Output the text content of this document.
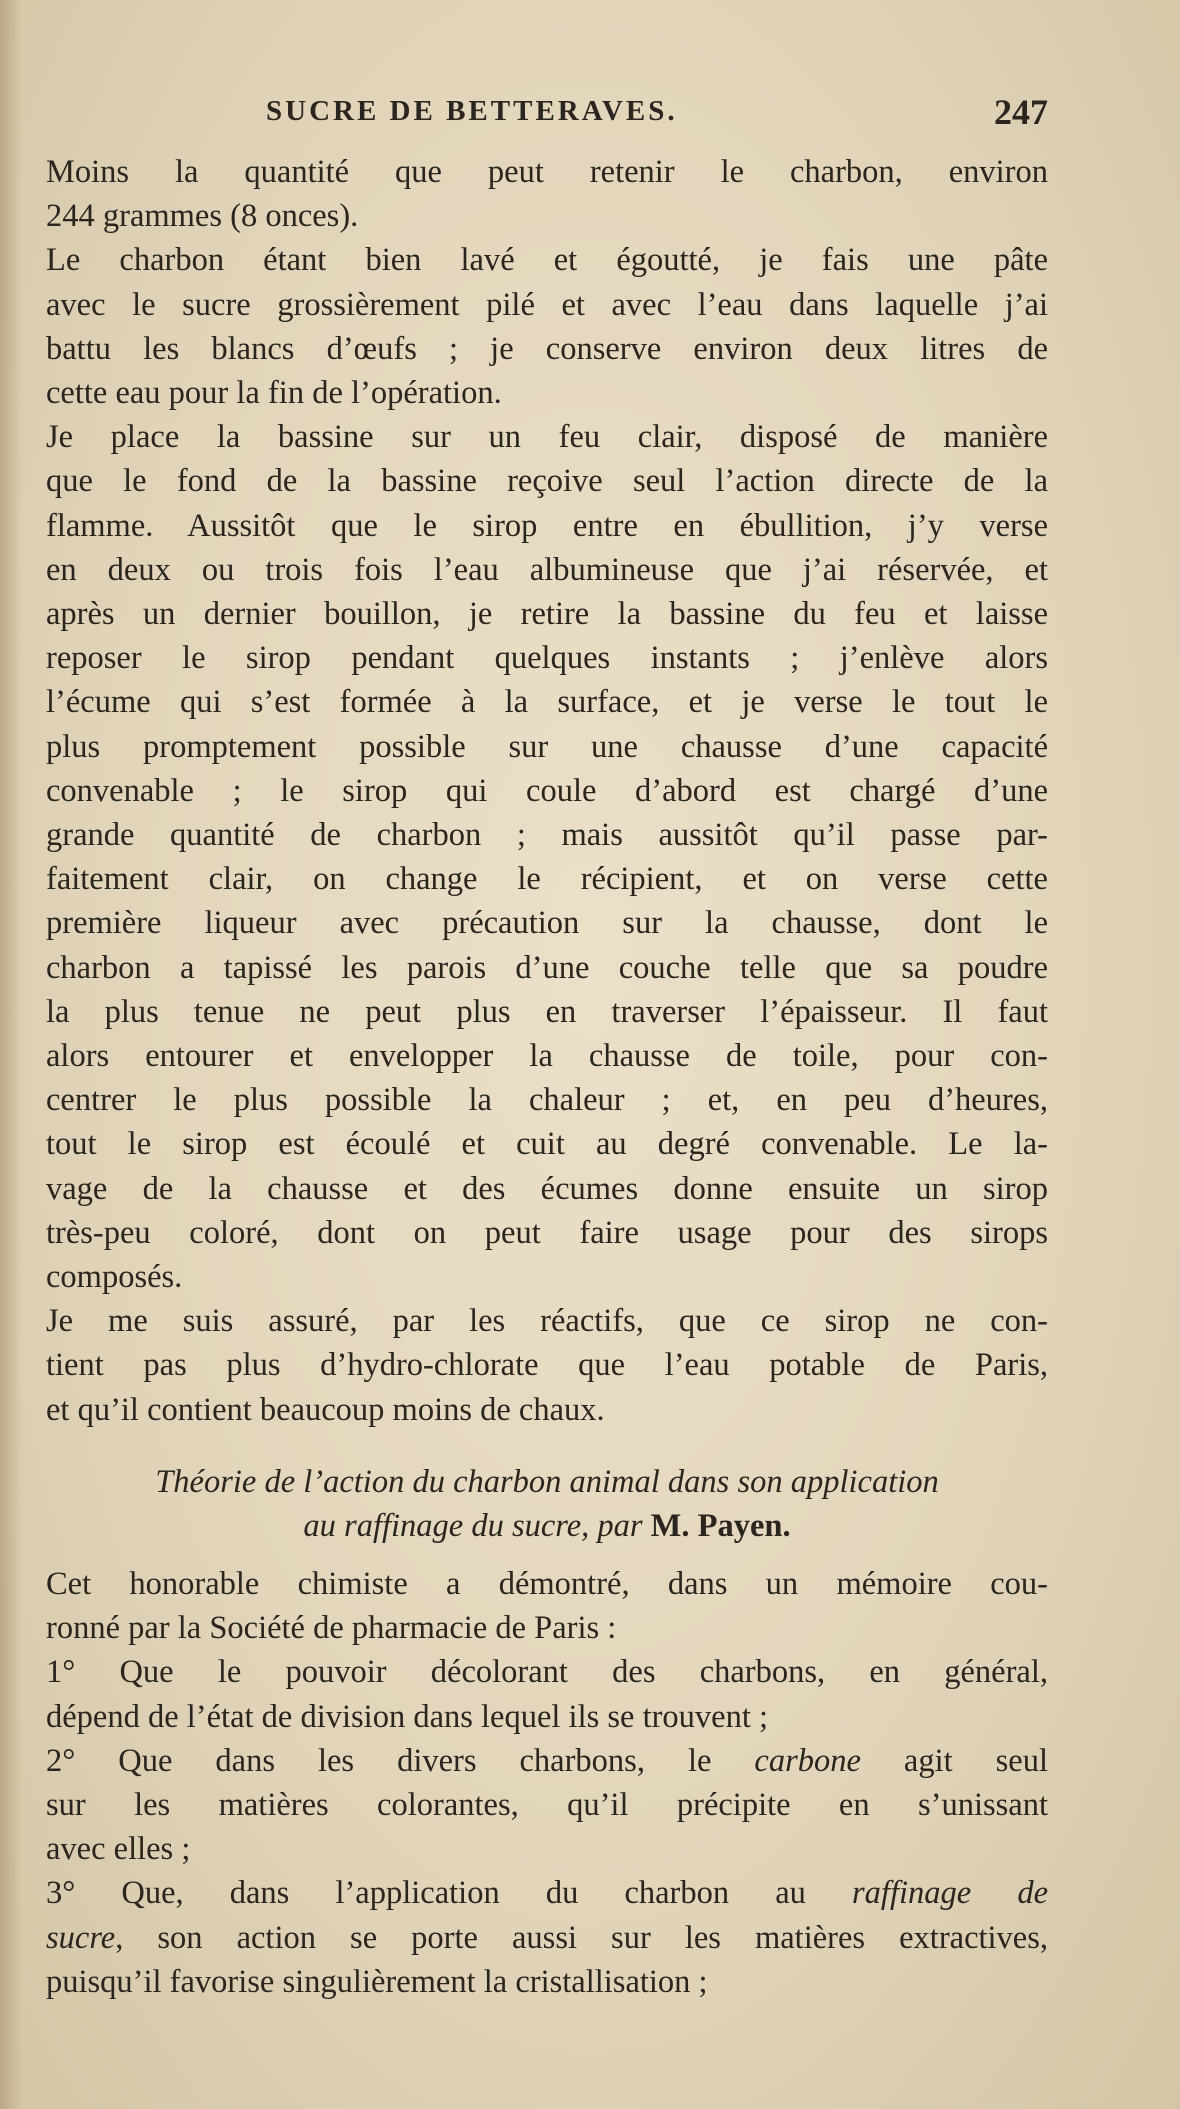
SUCRE DE BETTERAVES.	247

Moins la quantité que peut retenir le charbon, environ
244 grammes (8 onces).

Le charbon étant bien lavé et égoutté, je fais une pâte
avec le sucre grossièrement pilé et avec l’eau dans laquelle j’ai
battu les blancs d’œufs ; je conserve environ deux litres de
cette eau pour la fin de l’opération.

Je place la bassine sur un feu clair, disposé de manière
que le fond de la bassine reçoive seul l’action directe de la
flamme. Aussitôt que le sirop entre en ébullition, j’y verse
en deux ou trois fois l’eau albumineuse que j’ai réservée, et
après un dernier bouillon, je retire la bassine du feu et laisse
reposer le sirop pendant quelques instants ; j’enlève alors
l’écume qui s’est formée à la surface, et je verse le tout le
plus promptement possible sur une chausse d’une capacité
convenable ; le sirop qui coule d’abord est chargé d’une
grande quantité de charbon ; mais aussitôt qu’il passe par-
faitement clair, on change le récipient, et on verse cette
première liqueur avec précaution sur la chausse, dont le
charbon a tapissé les parois d’une couche telle que sa poudre
la plus tenue ne peut plus en traverser l’épaisseur. Il faut
alors entourer et envelopper la chausse de toile, pour con-
centrer le plus possible la chaleur ; et, en peu d’heures,
tout le sirop est écoulé et cuit au degré convenable. Le la-
vage de la chausse et des écumes donne ensuite un sirop
très-peu coloré, dont on peut faire usage pour des sirops
composés.

Je me suis assuré, par les réactifs, que ce sirop ne con-
tient pas plus d’hydro-chlorate que l’eau potable de Paris,
et qu’il contient beaucoup moins de chaux.

Théorie de l’action du charbon animal dans son application
au raffinage du sucre, par M. Payen.

Cet honorable chimiste a démontré, dans un mémoire cou-
ronné par la Société de pharmacie de Paris :

1° Que le pouvoir décolorant des charbons, en général,
dépend de l’état de division dans lequel ils se trouvent ;

2° Que dans les divers charbons, le carbone agit seul
sur les matières colorantes, qu’il précipite en s’unissant
avec elles ;

3° Que, dans l’application du charbon au raffinage de
sucre, son action se porte aussi sur les matières extractives,
puisqu’il favorise singulièrement la cristallisation ;
